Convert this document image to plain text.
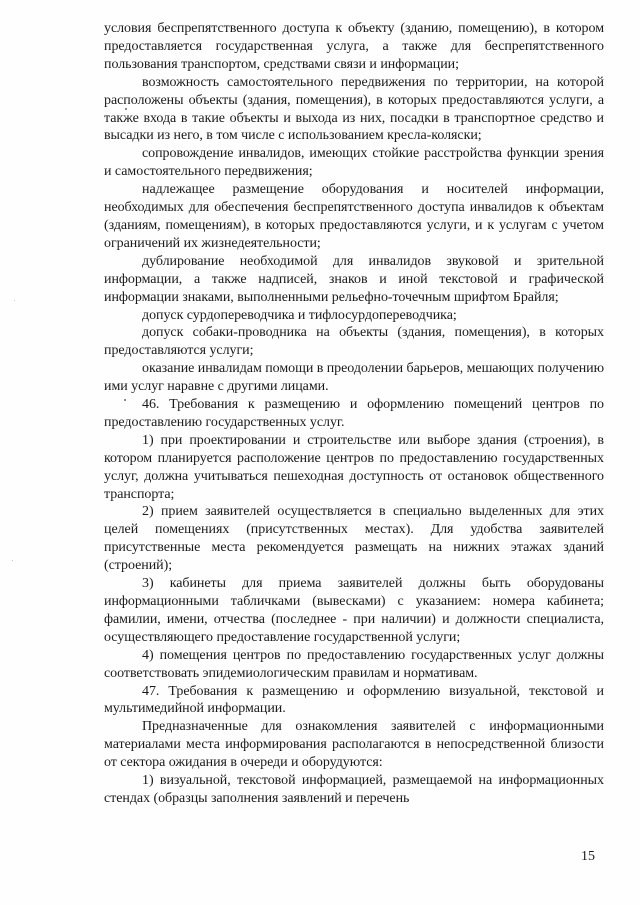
условия беспрепятственного доступа к объекту (зданию, помещению), в котором предоставляется государственная услуга, а также для беспрепятственного пользования транспортом, средствами связи и информации;

возможность самостоятельного передвижения по территории, на которой расположены объекты (здания, помещения), в которых предоставляются услуги, а также входа в такие объекты и выхода из них, посадки в транспортное средство и высадки из него, в том числе с использованием кресла-коляски;

сопровождение инвалидов, имеющих стойкие расстройства функции зрения и самостоятельного передвижения;

надлежащее размещение оборудования и носителей информации, необходимых для обеспечения беспрепятственного доступа инвалидов к объектам (зданиям, помещениям), в которых предоставляются услуги, и к услугам с учетом ограничений их жизнедеятельности;

дублирование необходимой для инвалидов звуковой и зрительной информации, а также надписей, знаков и иной текстовой и графической информации знаками, выполненными рельефно-точечным шрифтом Брайля;

допуск сурдопереводчика и тифлосурдопереводчика;

допуск собаки-проводника на объекты (здания, помещения), в которых предоставляются услуги;

оказание инвалидам помощи в преодолении барьеров, мешающих получению ими услуг наравне с другими лицами.

46. Требования к размещению и оформлению помещений центров по предоставлению государственных услуг.

1) при проектировании и строительстве или выборе здания (строения), в котором планируется расположение центров по предоставлению государственных услуг, должна учитываться пешеходная доступность от остановок общественного транспорта;

2) прием заявителей осуществляется в специально выделенных для этих целей помещениях (присутственных местах). Для удобства заявителей присутственные места рекомендуется размещать на нижних этажах зданий (строений);

3) кабинеты для приема заявителей должны быть оборудованы информационными табличками (вывесками) с указанием: номера кабинета; фамилии, имени, отчества (последнее - при наличии) и должности специалиста, осуществляющего предоставление государственной услуги;

4) помещения центров по предоставлению государственных услуг должны соответствовать эпидемиологическим правилам и нормативам.

47. Требования к размещению и оформлению визуальной, текстовой и мультимедийной информации.

Предназначенные для ознакомления заявителей с информационными материалами места информирования располагаются в непосредственной близости от сектора ожидания в очереди и оборудуются:

1) визуальной, текстовой информацией, размещаемой на информационных стендах (образцы заполнения заявлений и перечень

15
